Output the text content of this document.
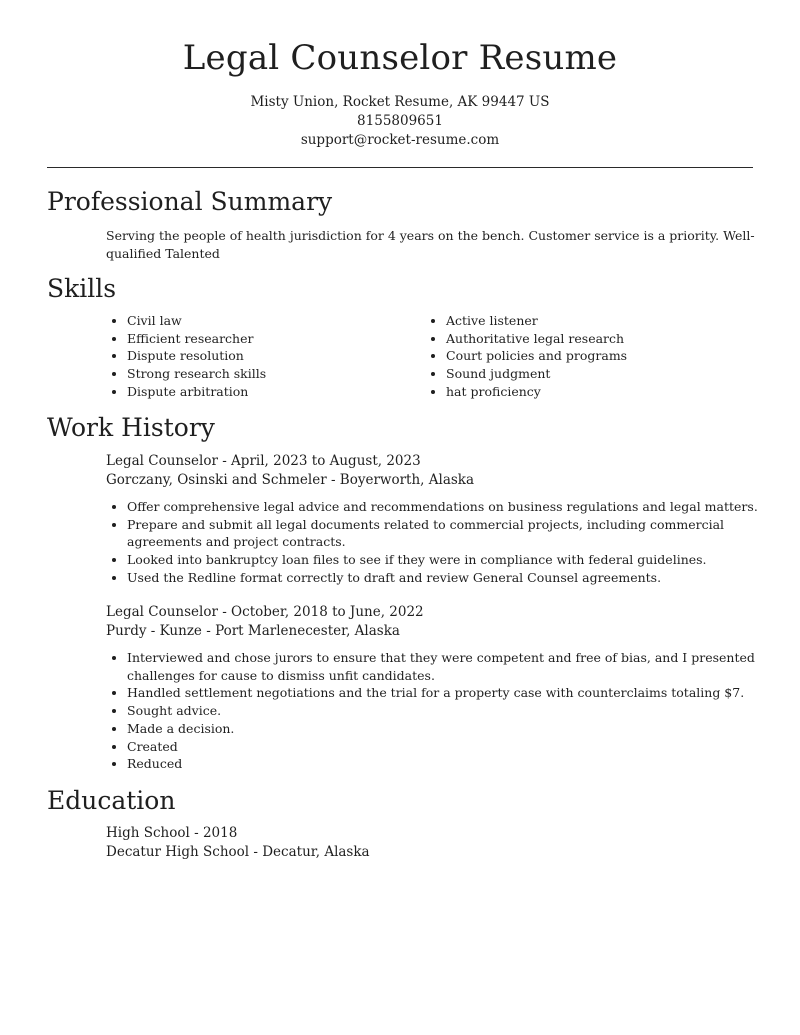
Legal Counselor Resume
Misty Union, Rocket Resume, AK 99447 US
8155809651
support@rocket-resume.com
Professional Summary

Serving the people of health jurisdiction for 4 years on the bench. Customer service is a priority. Well-qualified Talented

Skills
• Civil law
• Efficient researcher
• Dispute resolution
• Strong research skills
• Dispute arbitration
• Active listener
• Authoritative legal research
• Court policies and programs
• Sound judgment
• hat proficiency
Work History
Legal Counselor - April, 2023 to August, 2023
Gorczany, Osinski and Schmeler - Boyerworth, Alaska
• Offer comprehensive legal advice and recommendations on business regulations and legal matters.
• Prepare and submit all legal documents related to commercial projects, including commercial agreements and project contracts.
• Looked into bankruptcy loan files to see if they were in compliance with federal guidelines.
• Used the Redline format correctly to draft and review General Counsel agreements.
Legal Counselor - October, 2018 to June, 2022
Purdy - Kunze - Port Marlenecester, Alaska
• Interviewed and chose jurors to ensure that they were competent and free of bias, and I presented challenges for cause to dismiss unfit candidates.
• Handled settlement negotiations and the trial for a property case with counterclaims totaling $7.
• Sought advice.
• Made a decision.
• Created
• Reduced
Education
High School - 2018
Decatur High School - Decatur, Alaska
